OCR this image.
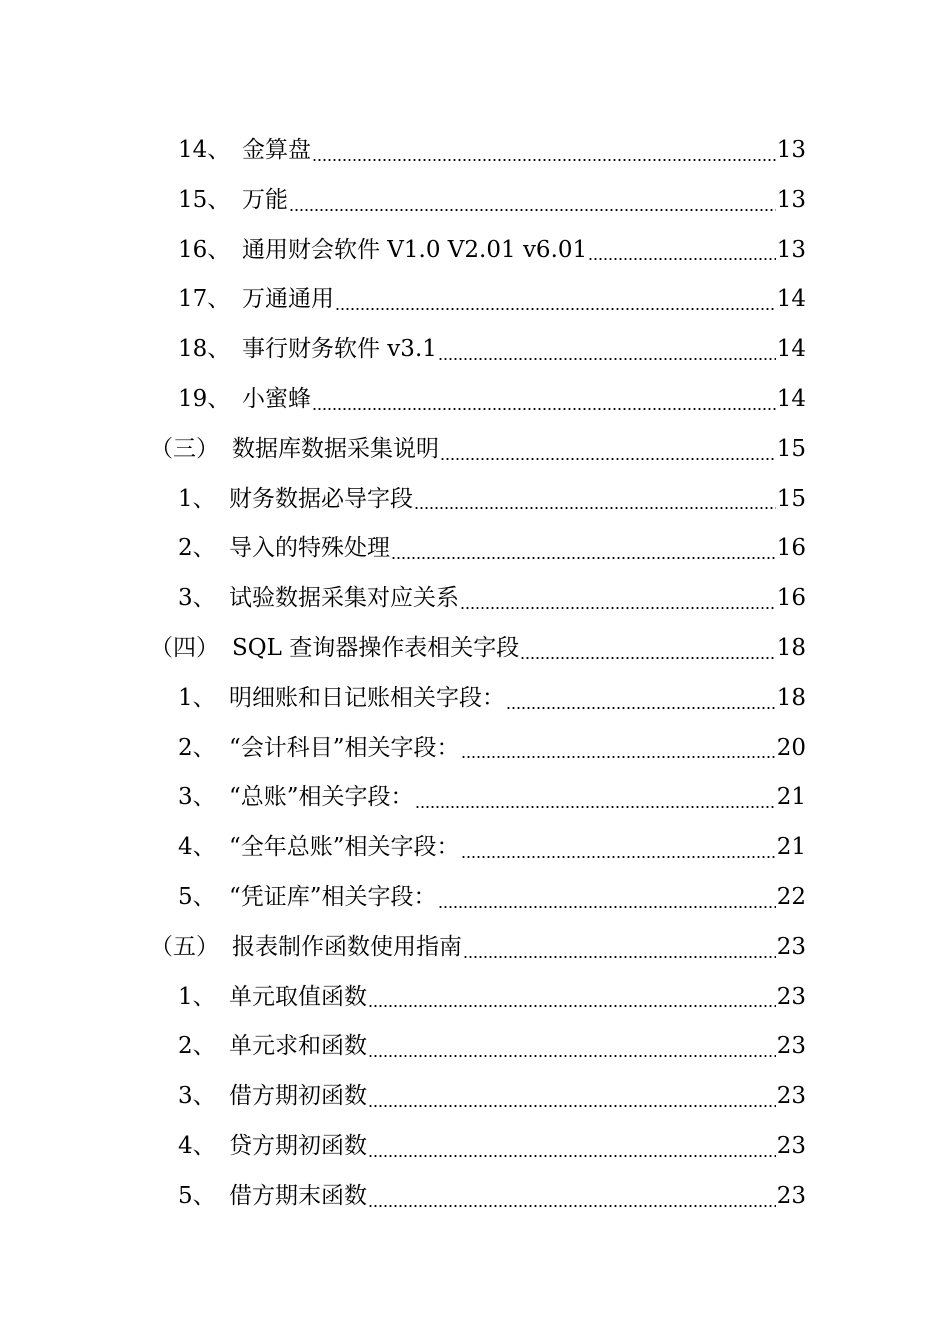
14、 金算盘	13
15、 万能	13
16、 通用财会软件 V1.0 V2.01 v6.01	13
17、 万通通用	14
18、 事行财务软件 v3.1	14
19、 小蜜蜂	14
（三） 数据库数据采集说明	15
1、 财务数据必导字段	15
2、 导入的特殊处理	16
3、 试验数据采集对应关系	16
（四） SQL 查询器操作表相关字段	18
1、 明细账和日记账相关字段：	18
2、 “会计科目”相关字段：	20
3、 “总账”相关字段：	21
4、 “全年总账”相关字段：	21
5、 “凭证库”相关字段：	22
（五） 报表制作函数使用指南	23
1、 单元取值函数	23
2、 单元求和函数	23
3、 借方期初函数	23
4、 贷方期初函数	23
5、 借方期末函数	23
